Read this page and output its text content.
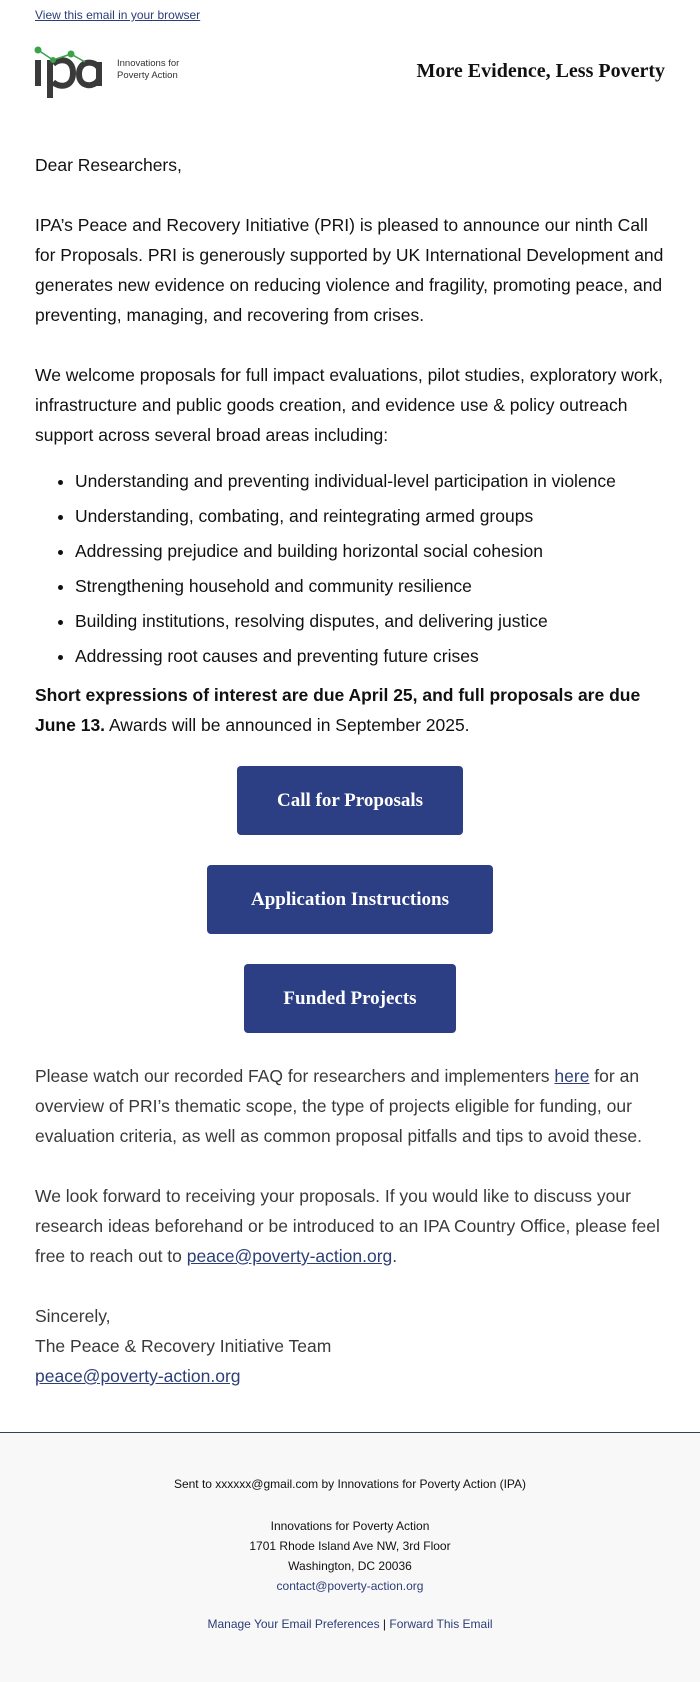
View this email in your browser
Innovations for
Poverty Action	More Evidence, Less Poverty

Dear Researchers,

IPA’s Peace and Recovery Initiative (PRI) is pleased to announce our ninth Call for Proposals. PRI is generously supported by UK International Development and generates new evidence on reducing violence and fragility, promoting peace, and preventing, managing, and recovering from crises.

We welcome proposals for full impact evaluations, pilot studies, exploratory work, infrastructure and public goods creation, and evidence use & policy outreach support across several broad areas including:

• Understanding and preventing individual-level participation in violence
• Understanding, combating, and reintegrating armed groups
• Addressing prejudice and building horizontal social cohesion
• Strengthening household and community resilience
• Building institutions, resolving disputes, and delivering justice
• Addressing root causes and preventing future crises

Short expressions of interest are due April 25, and full proposals are due June 13. Awards will be announced in September 2025.

Call for Proposals
Application Instructions
Funded Projects

Please watch our recorded FAQ for researchers and implementers here for an overview of PRI’s thematic scope, the type of projects eligible for funding, our evaluation criteria, as well as common proposal pitfalls and tips to avoid these.

We look forward to receiving your proposals. If you would like to discuss your research ideas beforehand or be introduced to an IPA Country Office, please feel free to reach out to peace@poverty-action.org.

Sincerely,

The Peace & Recovery Initiative Team

peace@poverty-action.org

Sent to xxxxxx@gmail.com by Innovations for Poverty Action (IPA)
Innovations for Poverty Action
1701 Rhode Island Ave NW, 3rd Floor
Washington, DC 20036
contact@poverty-action.org
Manage Your Email Preferences | Forward This Email
